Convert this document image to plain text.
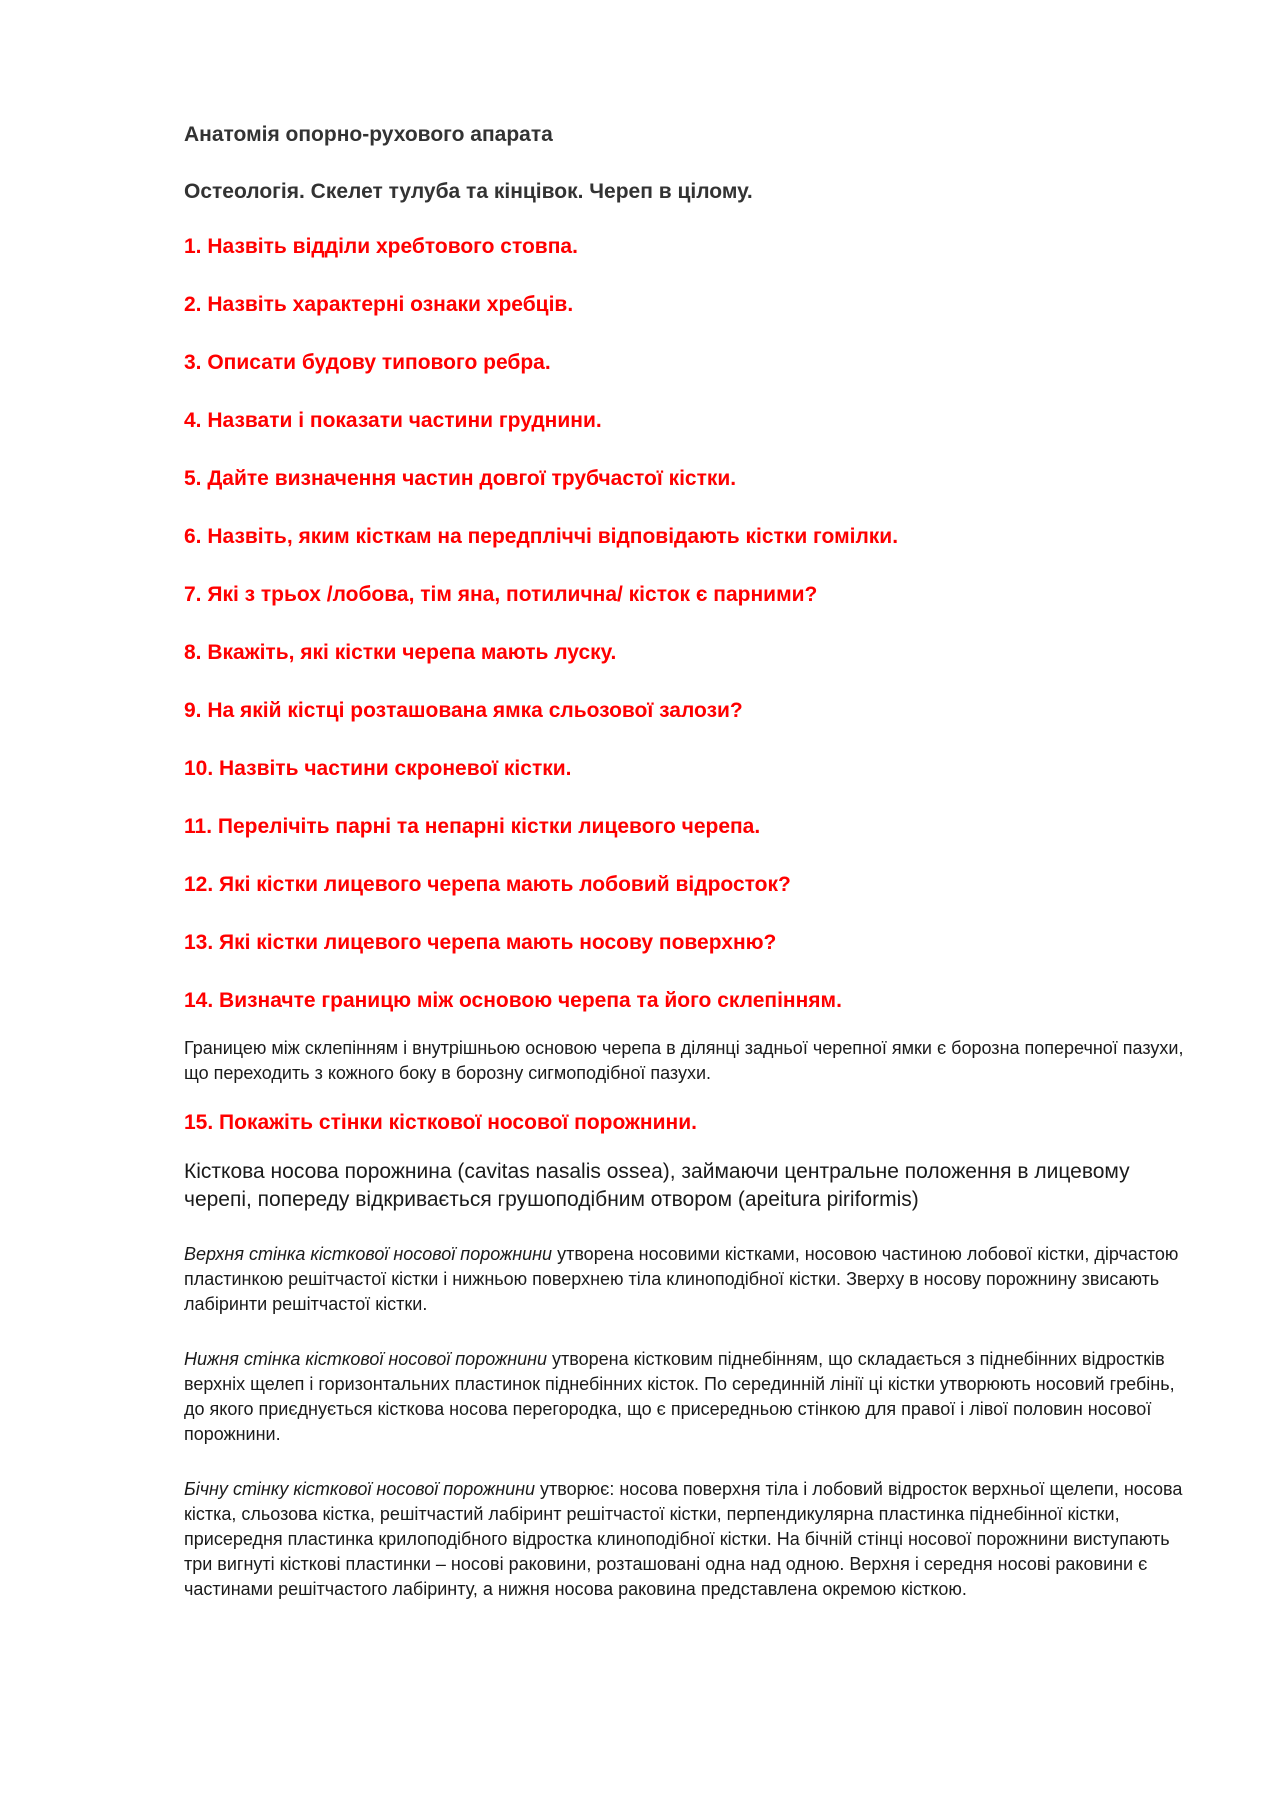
Анатомія опорно-рухового апарата

Остеологія. Скелет тулуба та кінцівок. Череп в цілому.

1. Назвіть відділи хребтового стовпа.

2. Назвіть характерні ознаки хребців.

3. Описати будову типового ребра.

4. Назвати і показати частини груднини.

5. Дайте визначення частин довгої трубчастої кістки.

6. Назвіть, яким кісткам на передпліччі відповідають кістки гомілки.

7. Які з трьох /лобова, тім яна, потилична/ кісток є парними?

8. Вкажіть, які кістки черепа мають луску.

9. На якій кістці розташована ямка сльозової залози?

10. Назвіть частини скроневої кістки.

11. Перелічіть парні та непарні кістки лицевого черепа.

12. Які кістки лицевого черепа мають лобовий відросток?

13. Які кістки лицевого черепа мають носову поверхню?

14. Визначте границю між основою черепа та його склепінням.

Границею між склепінням і внутрішньою основою черепа в ділянці задньої черепної ямки є борозна поперечної пазухи, що переходить з кожного боку в борозну сигмоподібної пазухи.

15. Покажіть стінки кісткової носової порожнини.

Кісткова носова порожнина (cavitas nasalis ossea), займаючи центральне положення в лицевому черепі, попереду відкривається грушоподібним отвором (apeitura piriformis)

Верхня стінка кісткової носової порожнини утворена носовими кістками, носовою частиною лобової кістки, дірчастою пластинкою решітчастої кістки і нижньою поверхнею тіла клиноподібної кістки. Зверху в носову порожнину звисають лабіринти решітчастої кістки.

Нижня стінка кісткової носової порожнини утворена кістковим піднебінням, що складається з піднебінних відростків верхніх щелеп і горизонтальних пластинок піднебінних кісток. По серединній лінії ці кістки утворюють носовий гребінь, до якого приєднується кісткова носова перегородка, що є присередньою стінкою для правої і лівої половин носової порожнини.

Бічну стінку кісткової носової порожнини утворює: носова поверхня тіла і лобовий відросток верхньої щелепи, носова кістка, сльозова кістка, решітчастий лабіринт решітчастої кістки, перпендикулярна пластинка піднебінної кістки, присередня пластинка крилоподібного відростка клиноподібної кістки. На бічній стінці носової порожнини виступають три вигнуті кісткові пластинки – носові раковини, розташовані одна над одною. Верхня і середня носові раковини є частинами решітчастого лабіринту, а нижня носова раковина представлена окремою кісткою.
